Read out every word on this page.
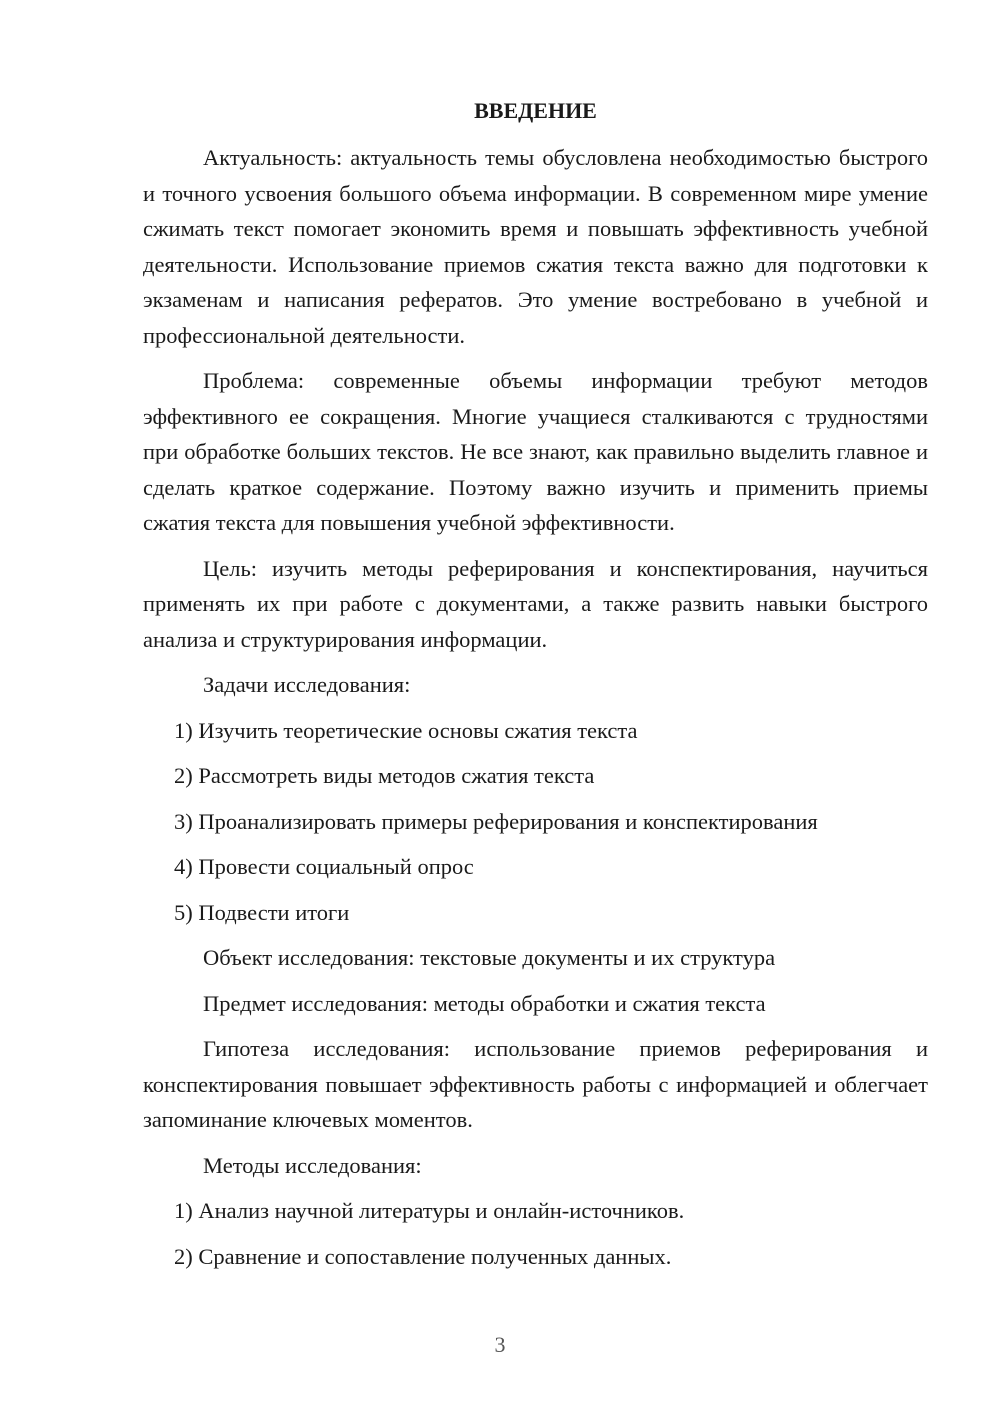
ВВЕДЕНИЕ

Актуальность: актуальность темы обусловлена необходимостью быстрого и точного усвоения большого объема информации. В современном мире умение сжимать текст помогает экономить время и повышать эффективность учебной деятельности. Использование приемов сжатия текста важно для подготовки к экзаменам и написания рефератов. Это умение востребовано в учебной и профессиональной деятельности.

Проблема: современные объемы информации требуют методов эффективного ее сокращения. Многие учащиеся сталкиваются с трудностями при обработке больших текстов. Не все знают, как правильно выделить главное и сделать краткое содержание. Поэтому важно изучить и применить приемы сжатия текста для повышения учебной эффективности.

Цель: изучить методы реферирования и конспектирования, научиться применять их при работе с документами, а также развить навыки быстрого анализа и структурирования информации.

Задачи исследования:

1) Изучить теоретические основы сжатия текста
2) Рассмотреть виды методов сжатия текста
3) Проанализировать примеры реферирования и конспектирования
4) Провести социальный опрос
5) Подвести итоги

Объект исследования: текстовые документы и их структура

Предмет исследования: методы обработки и сжатия текста

Гипотеза исследования: использование приемов реферирования и конспектирования повышает эффективность работы с информацией и облегчает запоминание ключевых моментов.

Методы исследования:

1) Анализ научной литературы и онлайн-источников.
2) Сравнение и сопоставление полученных данных.
3
